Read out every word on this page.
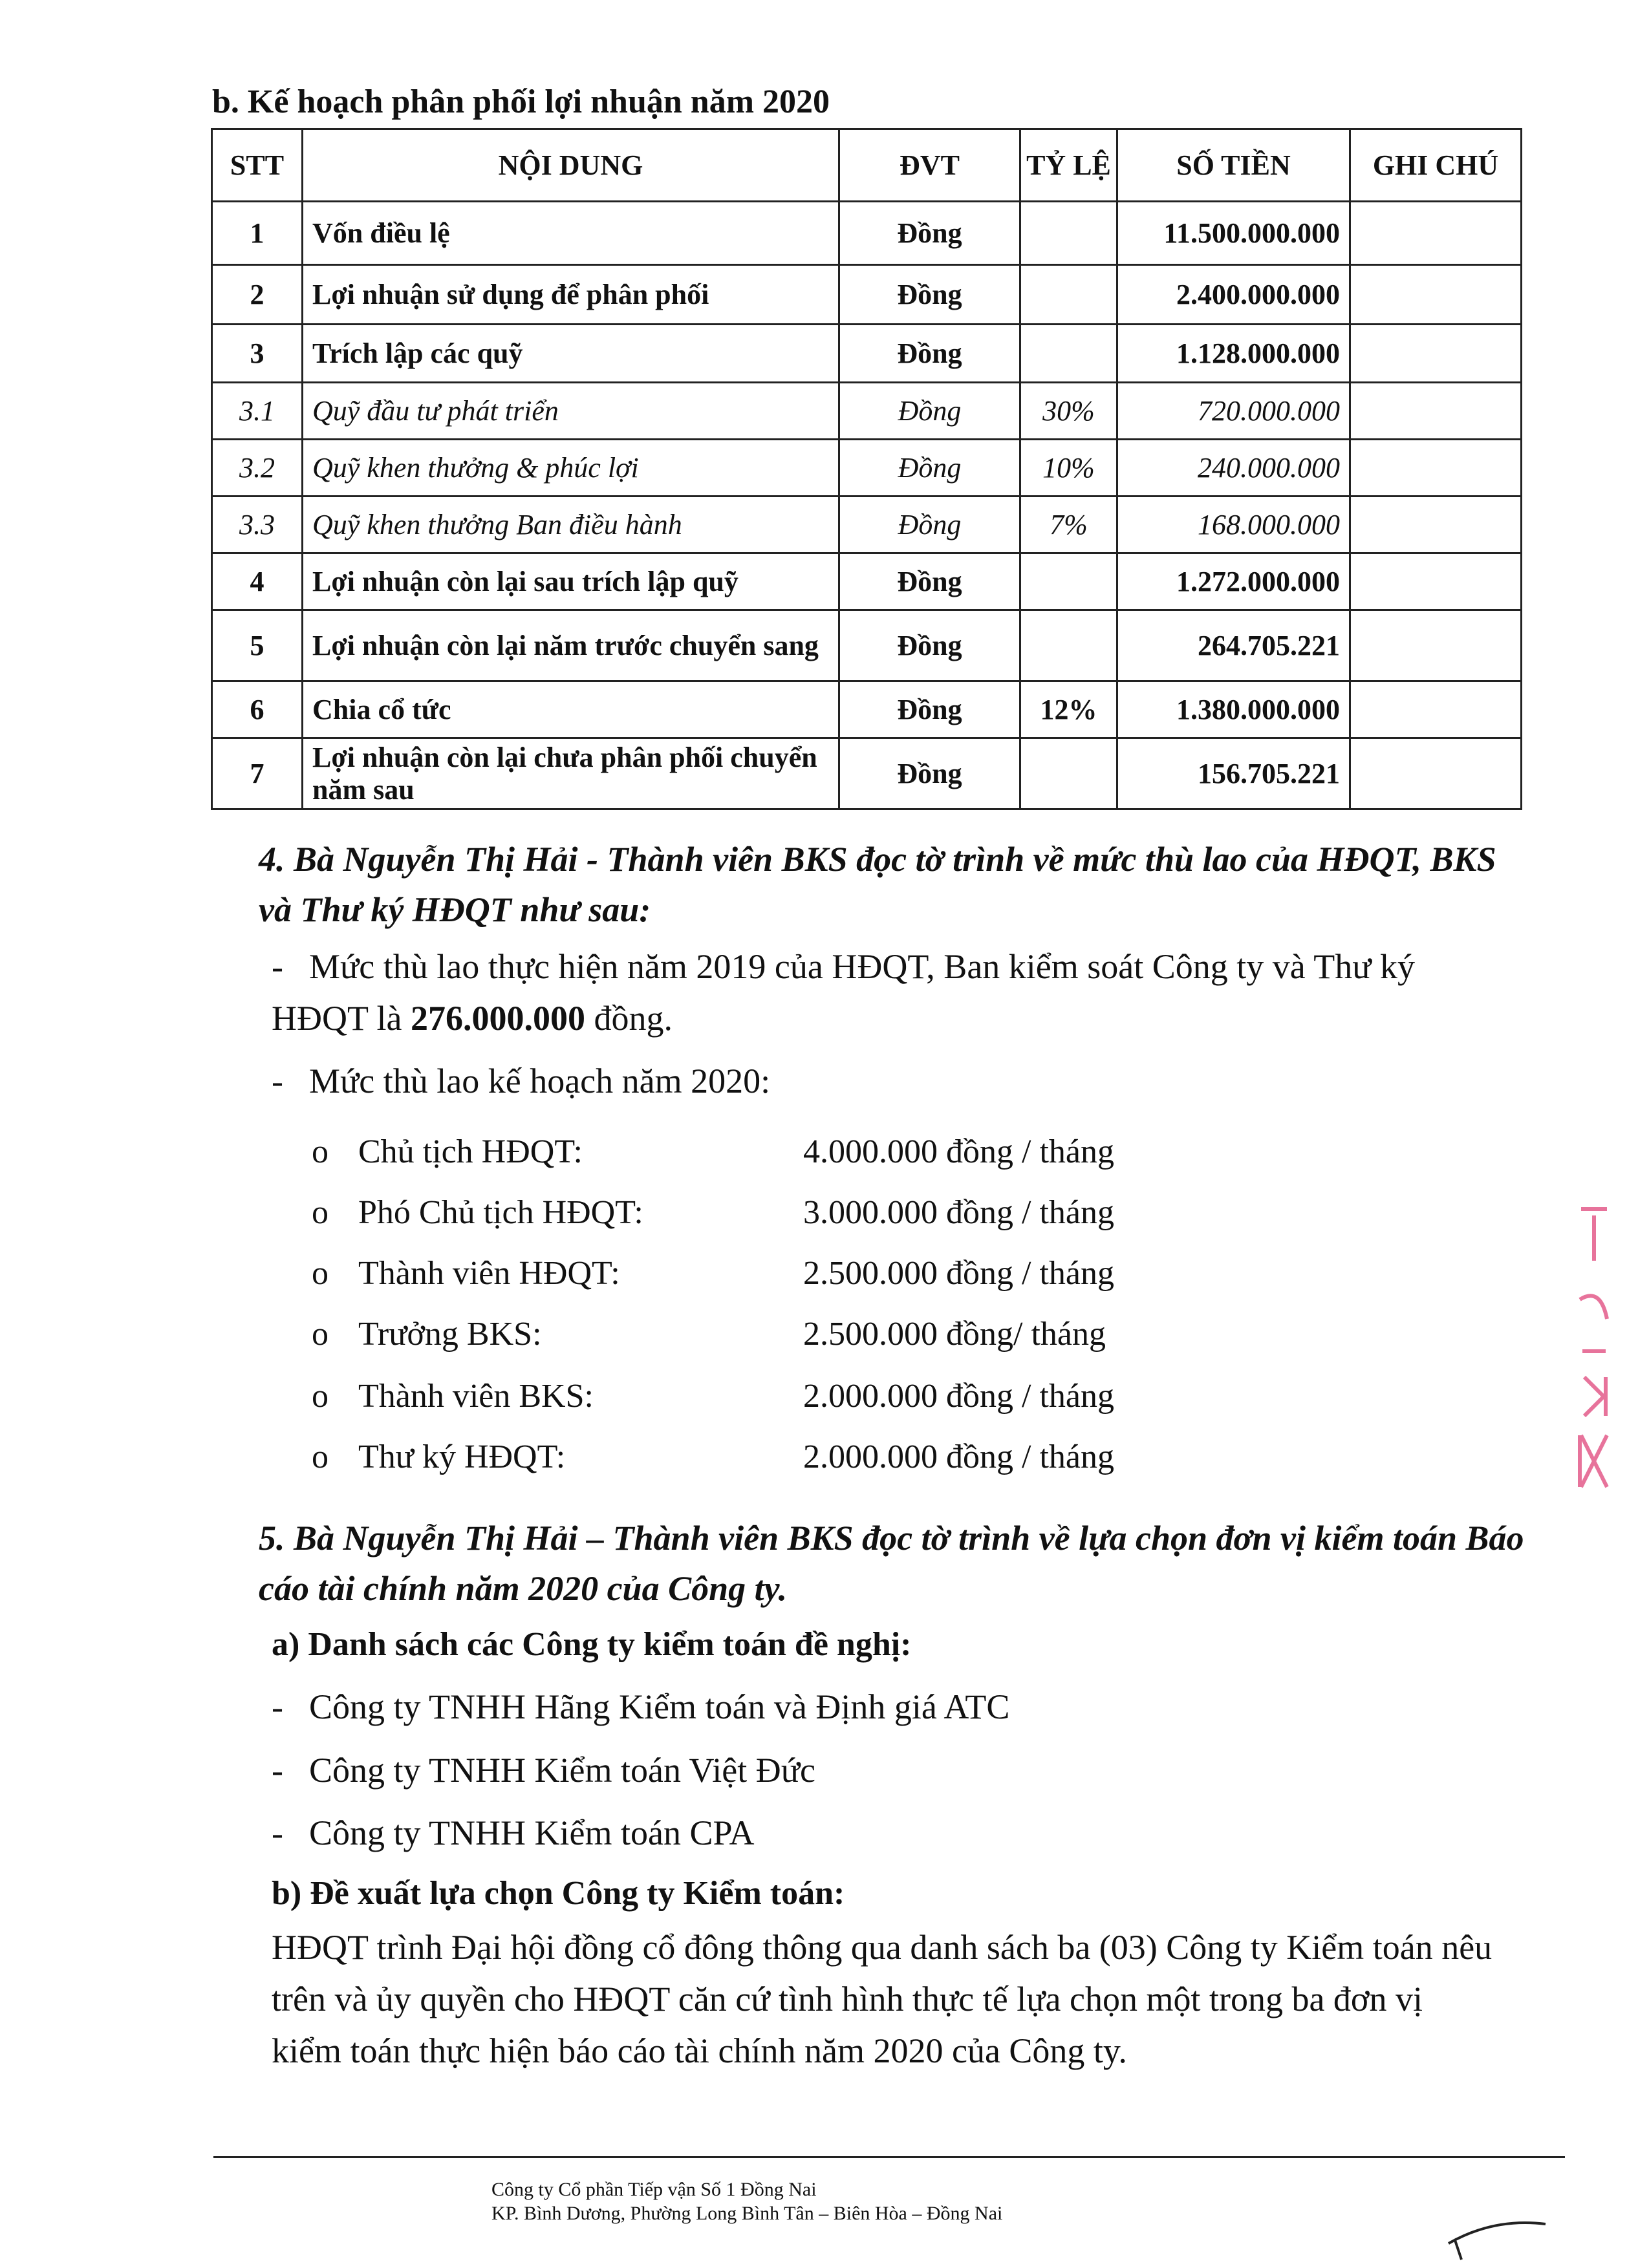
b. Kế hoạch phân phối lợi nhuận năm 2020
STT	NỘI DUNG	ĐVT	TỶ LỆ	SỐ TIỀN	GHI CHÚ
1	Vốn điều lệ	Đồng		11.500.000.000	
2	Lợi nhuận sử dụng để phân phối	Đồng		2.400.000.000	
3	Trích lập các quỹ	Đồng		1.128.000.000	
3.1	Quỹ đầu tư phát triển	Đồng	30%	720.000.000	
3.2	Quỹ khen thưởng & phúc lợi	Đồng	10%	240.000.000	
3.3	Quỹ khen thưởng Ban điều hành	Đồng	7%	168.000.000	
4	Lợi nhuận còn lại sau trích lập quỹ	Đồng		1.272.000.000	
5	Lợi nhuận còn lại năm trước chuyển sang	Đồng		264.705.221	
6	Chia cổ tức	Đồng	12%	1.380.000.000	
7	Lợi nhuận còn lại chưa phân phối chuyển năm sau	Đồng		156.705.221	
4. Bà Nguyễn Thị Hải - Thành viên BKS đọc tờ trình về mức thù lao của HĐQT, BKS và Thư ký HĐQT như sau:
- Mức thù lao thực hiện năm 2019 của HĐQT, Ban kiểm soát Công ty và Thư ký HĐQT là 276.000.000 đồng.
- Mức thù lao kế hoạch năm 2020:
o Chủ tịch HĐQT:	4.000.000 đồng / tháng
o Phó Chủ tịch HĐQT:	3.000.000 đồng / tháng
o Thành viên HĐQT:	2.500.000 đồng / tháng
o Trưởng BKS:	2.500.000 đồng/ tháng
o Thành viên BKS:	2.000.000 đồng / tháng
o Thư ký HĐQT:	2.000.000 đồng / tháng
5. Bà Nguyễn Thị Hải – Thành viên BKS đọc tờ trình về lựa chọn đơn vị kiểm toán Báo cáo tài chính năm 2020 của Công ty.
a) Danh sách các Công ty kiểm toán đề nghị:
- Công ty TNHH Hãng Kiểm toán và Định giá ATC
- Công ty TNHH Kiểm toán Việt Đức
- Công ty TNHH Kiểm toán CPA
b) Đề xuất lựa chọn Công ty Kiểm toán:
HĐQT trình Đại hội đồng cổ đông thông qua danh sách ba (03) Công ty Kiểm toán nêu trên và ủy quyền cho HĐQT căn cứ tình hình thực tế lựa chọn một trong ba đơn vị kiểm toán thực hiện báo cáo tài chính năm 2020 của Công ty.
Công ty Cổ phần Tiếp vận Số 1 Đồng Nai
KP. Bình Dương, Phường Long Bình Tân – Biên Hòa – Đồng Nai
